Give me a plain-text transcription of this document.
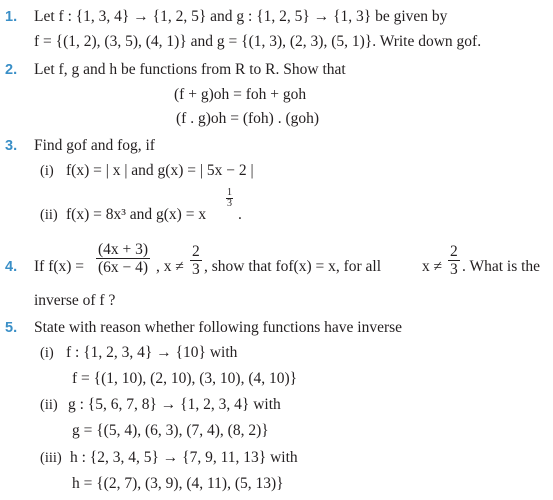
1. Let f : {1, 3, 4} → {1, 2, 5} and g : {1, 2, 5} → {1, 3} be given by
f = {(1, 2), (3, 5), (4, 1)} and g = {(1, 3), (2, 3), (5, 1)}. Write down gof.
2. Let f, g and h be functions from R to R. Show that
(f + g)oh = foh + goh
(f . g)oh = (foh) . (goh)
3. Find gof and fog, if
(i) f(x) = | x | and g(x) = | 5x − 2 |
(ii) f(x) = 8x³ and g(x) = x
$\frac{1}{3}$
.
4. If $f(x) = \frac{(4x + 3)}{(6x - 4)}$ , $x \ne \frac{2}{3}$ , show that fof(x) = x, for all	$x \ne \frac{2}{3}$ . What is the
inverse of f ?
5. State with reason whether following functions have inverse
(i) f : {1, 2, 3, 4} → {10} with
f = {(1, 10), (2, 10), (3, 10), (4, 10)}
(ii) g : {5, 6, 7, 8} → {1, 2, 3, 4} with
g = {(5, 4), (6, 3), (7, 4), (8, 2)}
(iii) h : {2, 3, 4, 5} → {7, 9, 11, 13} with
h = {(2, 7), (3, 9), (4, 11), (5, 13)}
